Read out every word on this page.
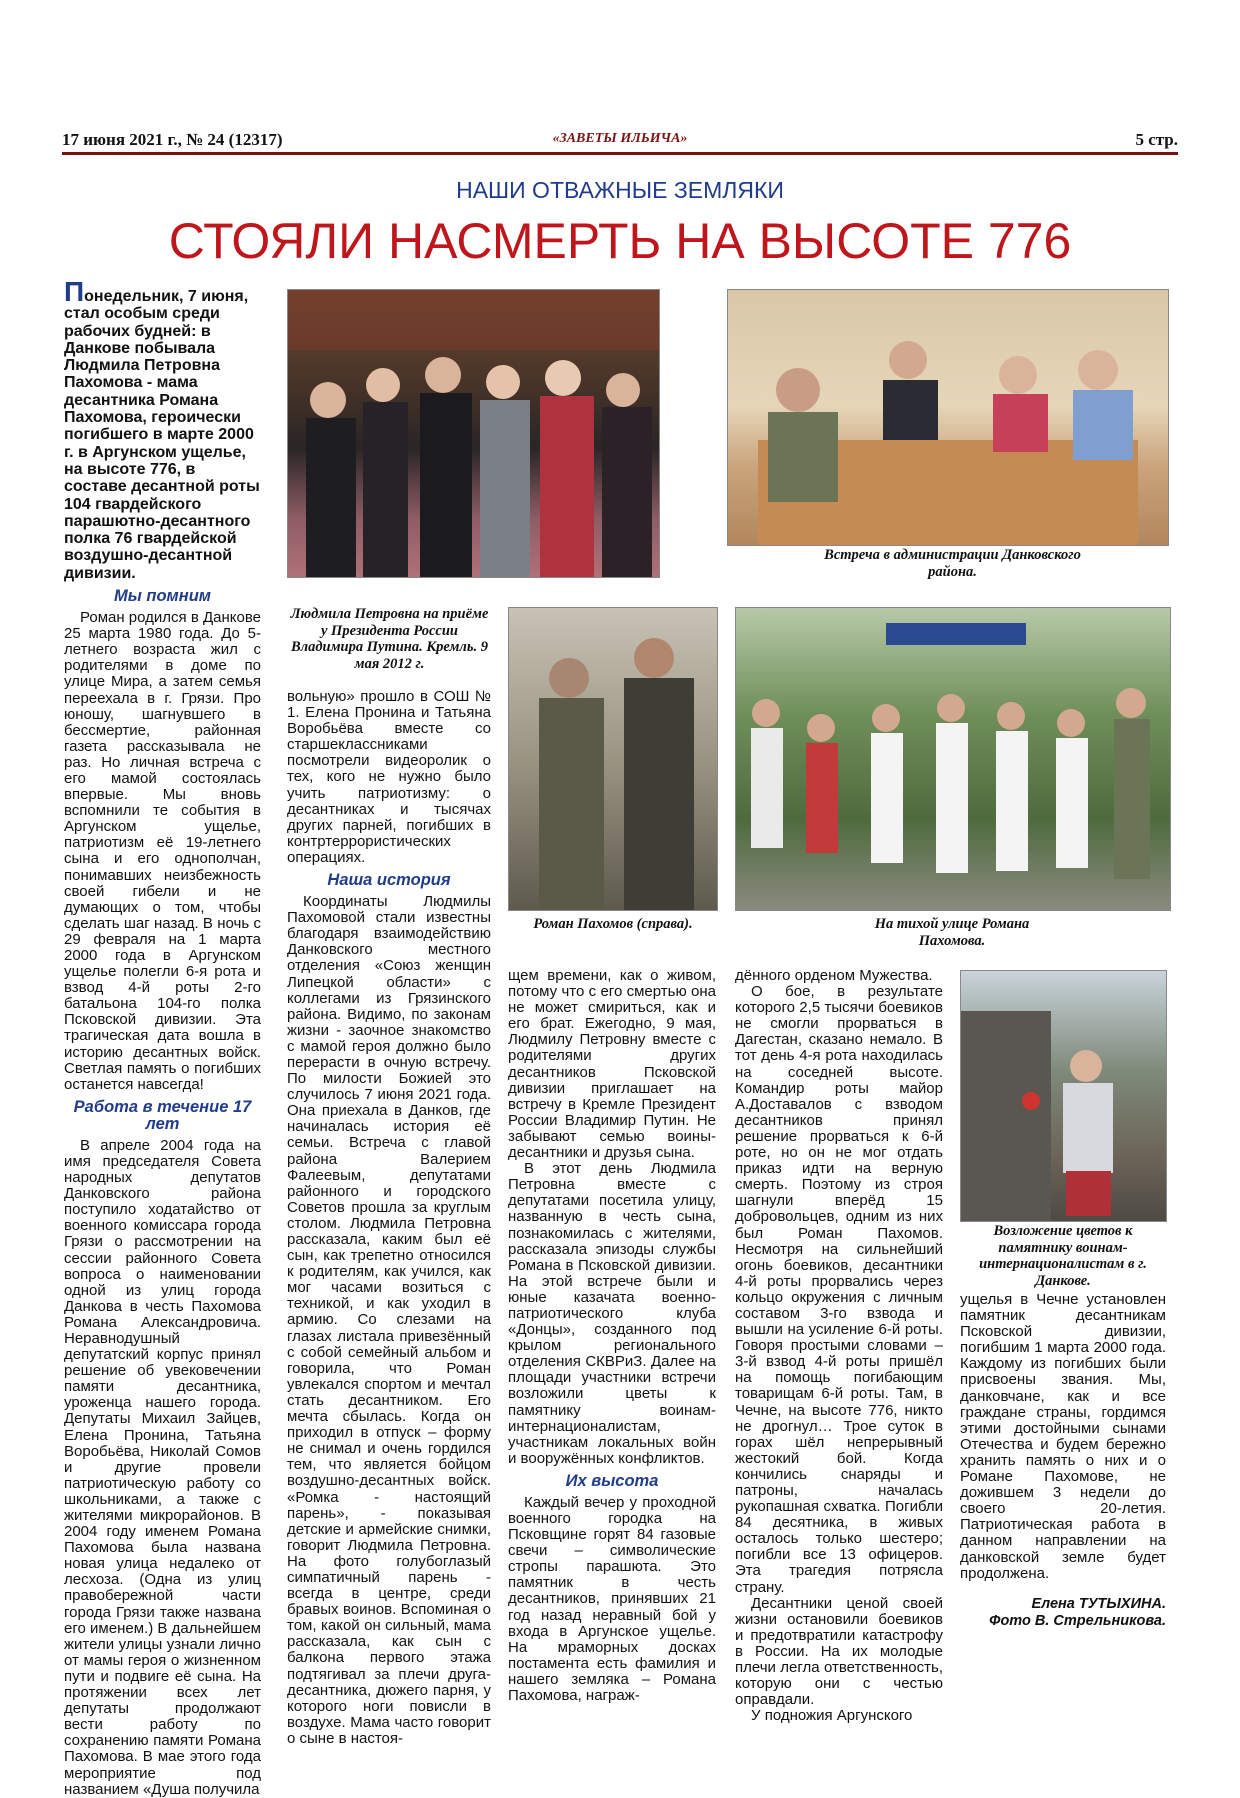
17 июня 2021 г., № 24 (12317)	«ЗАВЕТЫ ИЛЬИЧА»	5 стр.
НАШИ ОТВАЖНЫЕ ЗЕМЛЯКИ
СТОЯЛИ НАСМЕРТЬ НА ВЫСОТЕ 776

Понедельник, 7 июня, стал особым среди рабочих будней: в Данкове побывала Людмила Петровна Пахомова - мама десантника Романа Пахомова, героически погибшего в марте 2000 г. в Аргунском ущелье, на высоте 776, в составе десантной роты 104 гвардейского парашютно-десантного полка 76 гвардейской воздушно-десантной дивизии.

Мы помним

Роман родился в Данкове 25 марта 1980 года. До 5-летнего возраста жил с родителями в доме по улице Мира, а затем семья переехала в г. Грязи. Про юношу, шагнувшего в бессмертие, районная газета рассказывала не раз. Но личная встреча с его мамой состоялась впервые. Мы вновь вспомнили те события в Аргунском ущелье, патриотизм её 19-летнего сына и его однополчан, понимавших неизбежность своей гибели и не думающих о том, чтобы сделать шаг назад. В ночь с 29 февраля на 1 марта 2000 года в Аргунском ущелье полегли 6-я рота и взвод 4-й роты 2-го батальона 104-го полка Псковской дивизии. Эта трагическая дата вошла в историю десантных войск. Светлая память о погибших останется навсегда!

Работа в течение 17 лет

В апреле 2004 года на имя председателя Совета народных депутатов Данковского района поступило ходатайство от военного комиссара города Грязи о рассмотрении на сессии районного Совета вопроса о наименовании одной из улиц города Данкова в честь Пахомова Романа Александровича. Неравнодушный депутатский корпус принял решение об увековечении памяти десантника, уроженца нашего города. Депутаты Михаил Зайцев, Елена Пронина, Татьяна Воробьёва, Николай Сомов и другие провели патриотическую работу со школьниками, а также с жителями микрорайонов. В 2004 году именем Романа Пахомова была названа новая улица недалеко от лесхоза. (Одна из улиц правобережной части города Грязи также названа его именем.) В дальнейшем жители улицы узнали лично от мамы героя о жизненном пути и подвиге её сына. На протяжении всех лет депутаты продолжают вести работу по сохранению памяти Романа Пахомова. В мае этого года мероприятие под названием «Душа получила

Людмила Петровна на приёме у Президента России Владимира Путина. Кремль. 9 мая 2012 г.
Встреча в администрации Данковского района.

вольную» прошло в СОШ № 1. Елена Пронина и Татьяна Воробьёва вместе со старшеклассниками посмотрели видеоролик о тех, кого не нужно было учить патриотизму: о десантниках и тысячах других парней, погибших в контртеррористических операциях.

Наша история

Координаты Людмилы Пахомовой стали известны благодаря взаимодействию Данковского местного отделения «Союз женщин Липецкой области» с коллегами из Грязинского района. Видимо, по законам жизни - заочное знакомство с мамой героя должно было перерасти в очную встречу. По милости Божией это случилось 7 июня 2021 года. Она приехала в Данков, где начиналась история её семьи. Встреча с главой района Валерием Фалеевым, депутатами районного и городского Советов прошла за круглым столом. Людмила Петровна рассказала, каким был её сын, как трепетно относился к родителям, как учился, как мог часами возиться с техникой, и как уходил в армию. Со слезами на глазах листала привезённый с собой семейный альбом и говорила, что Роман увлекался спортом и мечтал стать десантником. Его мечта сбылась. Когда он приходил в отпуск – форму не снимал и очень гордился тем, что является бойцом воздушно-десантных войск. «Ромка - настоящий парень», - показывая детские и армейские снимки, говорит Людмила Петровна. На фото голубоглазый симпатичный парень - всегда в центре, среди бравых воинов. Вспоминая о том, какой он сильный, мама рассказала, как сын с балкона первого этажа подтягивал за плечи друга-десантника, дюжего парня, у которого ноги повисли в воздухе. Мама часто говорит о сыне в настоя-

Роман Пахомов (справа).	На тихой улице Романа Пахомова.

щем времени, как о живом, потому что с его смертью она не может смириться, как и его брат. Ежегодно, 9 мая, Людмилу Петровну вместе с родителями других десантников Псковской дивизии приглашает на встречу в Кремле Президент России Владимир Путин. Не забывают семью воины-десантники и друзья сына.

В этот день Людмила Петровна вместе с депутатами посетила улицу, названную в честь сына, познакомилась с жителями, рассказала эпизоды службы Романа в Псковской дивизии. На этой встрече были и юные казачата военно-патриотического клуба «Донцы», созданного под крылом регионального отделения СКВРиЗ. Далее на площади участники встречи возложили цветы к памятнику воинам-интернационалистам, участникам локальных войн и вооружённых конфликтов.

Их высота

Каждый вечер у проходной военного городка на Псковщине горят 84 газовые свечи – символические стропы парашюта. Это памятник в честь десантников, принявших 21 год назад неравный бой у входа в Аргунское ущелье. На мраморных досках постамента есть фамилия и нашего земляка – Романа Пахомова, награж-

дённого орденом Мужества.

О бое, в результате которого 2,5 тысячи боевиков не смогли прорваться в Дагестан, сказано немало. В тот день 4-я рота находилась на соседней высоте. Командир роты майор А.Доставалов с взводом десантников принял решение прорваться к 6-й роте, но он не мог отдать приказ идти на верную смерть. Поэтому из строя шагнули вперёд 15 добровольцев, одним из них был Роман Пахомов. Несмотря на сильнейший огонь боевиков, десантники 4-й роты прорвались через кольцо окружения с личным составом 3-го взвода и вышли на усиление 6-й роты. Говоря простыми словами – 3-й взвод 4-й роты пришёл на помощь погибающим товарищам 6-й роты. Там, в Чечне, на высоте 776, никто не дрогнул… Трое суток в горах шёл непрерывный жестокий бой. Когда кончились снаряды и патроны, началась рукопашная схватка. Погибли 84 десятника, в живых осталось только шестеро; погибли все 13 офицеров. Эта трагедия потрясла страну.

Десантники ценой своей жизни остановили боевиков и предотвратили катастрофу в России. На их молодые плечи легла ответственность, которую они с честью оправдали.

У подножия Аргунского

Возложение цветов к памятнику воинам-интернационалистам в г. Данкове.

ущелья в Чечне установлен памятник десантникам Псковской дивизии, погибшим 1 марта 2000 года. Каждому из погибших были присвоены звания. Мы, данковчане, как и все граждане страны, гордимся этими достойными сынами Отечества и будем бережно хранить память о них и о Романе Пахомове, не дожившем 3 недели до своего 20-летия. Патриотическая работа в данном направлении на данковской земле будет продолжена.

Елена ТУТЫХИНА.

Фото В. Стрельникова.
